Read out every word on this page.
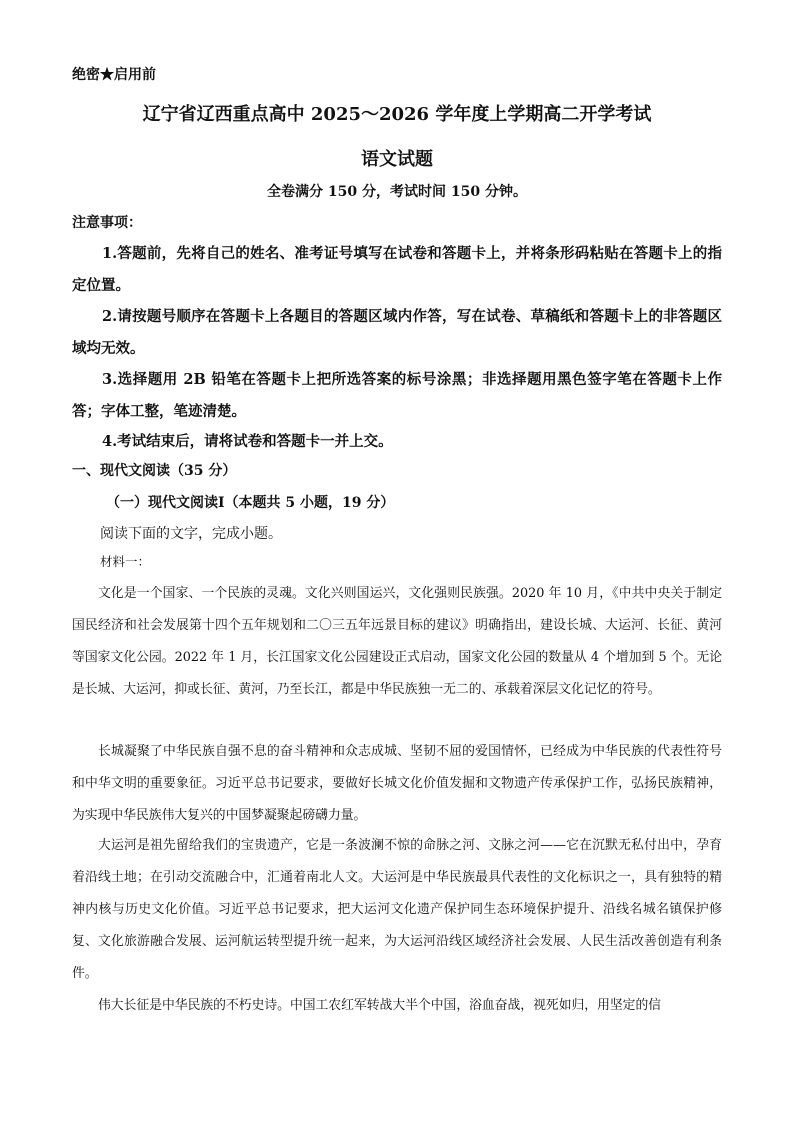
绝密★启用前

辽宁省辽西重点高中 2025～2026 学年度上学期高二开学考试

语文试题

全卷满分 150 分，考试时间 150 分钟。

注意事项：

1.答题前，先将自己的姓名、准考证号填写在试卷和答题卡上，并将条形码粘贴在答题卡上的指定位置。

2.请按题号顺序在答题卡上各题目的答题区域内作答，写在试卷、草稿纸和答题卡上的非答题区域均无效。

3.选择题用 2B 铅笔在答题卡上把所选答案的标号涂黑；非选择题用黑色签字笔在答题卡上作答；字体工整，笔迹清楚。

4.考试结束后，请将试卷和答题卡一并上交。

一、现代文阅读（35 分）

（一）现代文阅读Ⅰ（本题共 5 小题，19 分）

阅读下面的文字，完成小题。

材料一：

文化是一个国家、一个民族的灵魂。文化兴则国运兴，文化强则民族强。2020 年 10 月，《中共中央关于制定国民经济和社会发展第十四个五年规划和二〇三五年远景目标的建议》明确指出，建设长城、大运河、长征、黄河等国家文化公园。2022 年 1 月，长江国家文化公园建设正式启动，国家文化公园的数量从 4 个增加到 5 个。无论是长城、大运河，抑或长征、黄河，乃至长江，都是中华民族独一无二的、承载着深层文化记忆的符号。

长城凝聚了中华民族自强不息的奋斗精神和众志成城、坚韧不屈的爱国情怀，已经成为中华民族的代表性符号和中华文明的重要象征。习近平总书记要求，要做好长城文化价值发掘和文物遗产传承保护工作，弘扬民族精神，为实现中华民族伟大复兴的中国梦凝聚起磅礴力量。

大运河是祖先留给我们的宝贵遗产，它是一条波澜不惊的命脉之河、文脉之河——它在沉默无私付出中，孕育着沿线土地；在引动交流融合中，汇通着南北人文。大运河是中华民族最具代表性的文化标识之一，具有独特的精神内核与历史文化价值。习近平总书记要求，把大运河文化遗产保护同生态环境保护提升、沿线名城名镇保护修复、文化旅游融合发展、运河航运转型提升统一起来，为大运河沿线区域经济社会发展、人民生活改善创造有利条件。

伟大长征是中华民族的不朽史诗。中国工农红军转战大半个中国，浴血奋战，视死如归，用坚定的信
